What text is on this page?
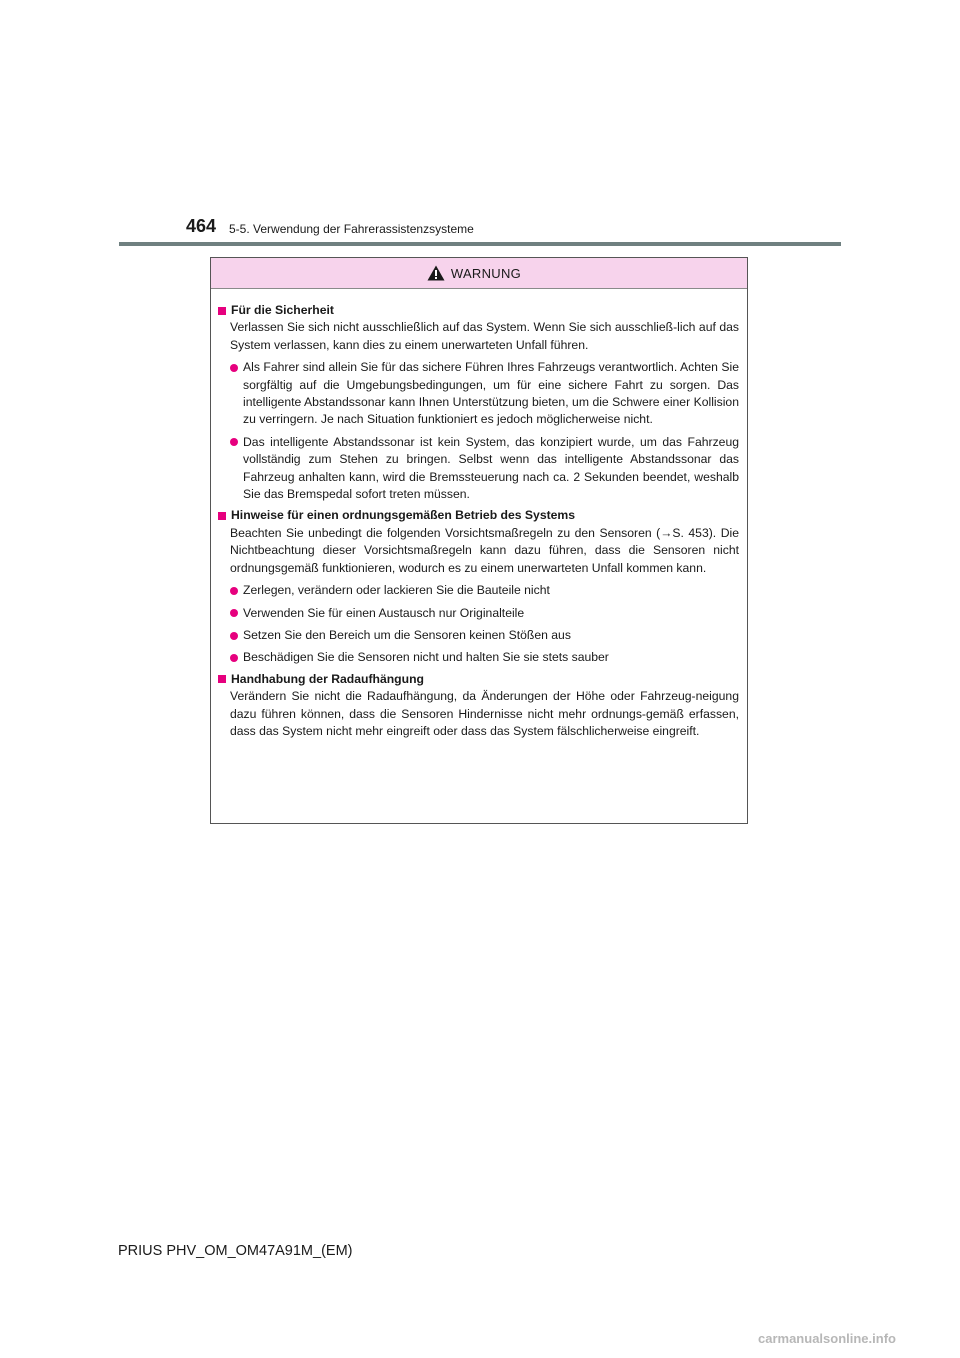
464 5-5. Verwendung der Fahrerassistenzsysteme
WARNUNG
Für die Sicherheit
Verlassen Sie sich nicht ausschließlich auf das System. Wenn Sie sich ausschließ-lich auf das System verlassen, kann dies zu einem unerwarteten Unfall führen.
Als Fahrer sind allein Sie für das sichere Führen Ihres Fahrzeugs verantwortlich. Achten Sie sorgfältig auf die Umgebungsbedingungen, um für eine sichere Fahrt zu sorgen. Das intelligente Abstandssonar kann Ihnen Unterstützung bieten, um die Schwere einer Kollision zu verringern. Je nach Situation funktioniert es jedoch möglicherweise nicht.
Das intelligente Abstandssonar ist kein System, das konzipiert wurde, um das Fahrzeug vollständig zum Stehen zu bringen. Selbst wenn das intelligente Abstandssonar das Fahrzeug anhalten kann, wird die Bremssteuerung nach ca. 2 Sekunden beendet, weshalb Sie das Bremspedal sofort treten müssen.
Hinweise für einen ordnungsgemäßen Betrieb des Systems
Beachten Sie unbedingt die folgenden Vorsichtsmaßregeln zu den Sensoren (→S. 453). Die Nichtbeachtung dieser Vorsichtsmaßregeln kann dazu führen, dass die Sensoren nicht ordnungsgemäß funktionieren, wodurch es zu einem unerwarteten Unfall kommen kann.
Zerlegen, verändern oder lackieren Sie die Bauteile nicht
Verwenden Sie für einen Austausch nur Originalteile
Setzen Sie den Bereich um die Sensoren keinen Stößen aus
Beschädigen Sie die Sensoren nicht und halten Sie sie stets sauber
Handhabung der Radaufhängung
Verändern Sie nicht die Radaufhängung, da Änderungen der Höhe oder Fahrzeug-neigung dazu führen können, dass die Sensoren Hindernisse nicht mehr ordnungs-gemäß erfassen, dass das System nicht mehr eingreift oder dass das System fälschlicherweise eingreift.
PRIUS PHV_OM_OM47A91M_(EM)
carmanualsonline.info
